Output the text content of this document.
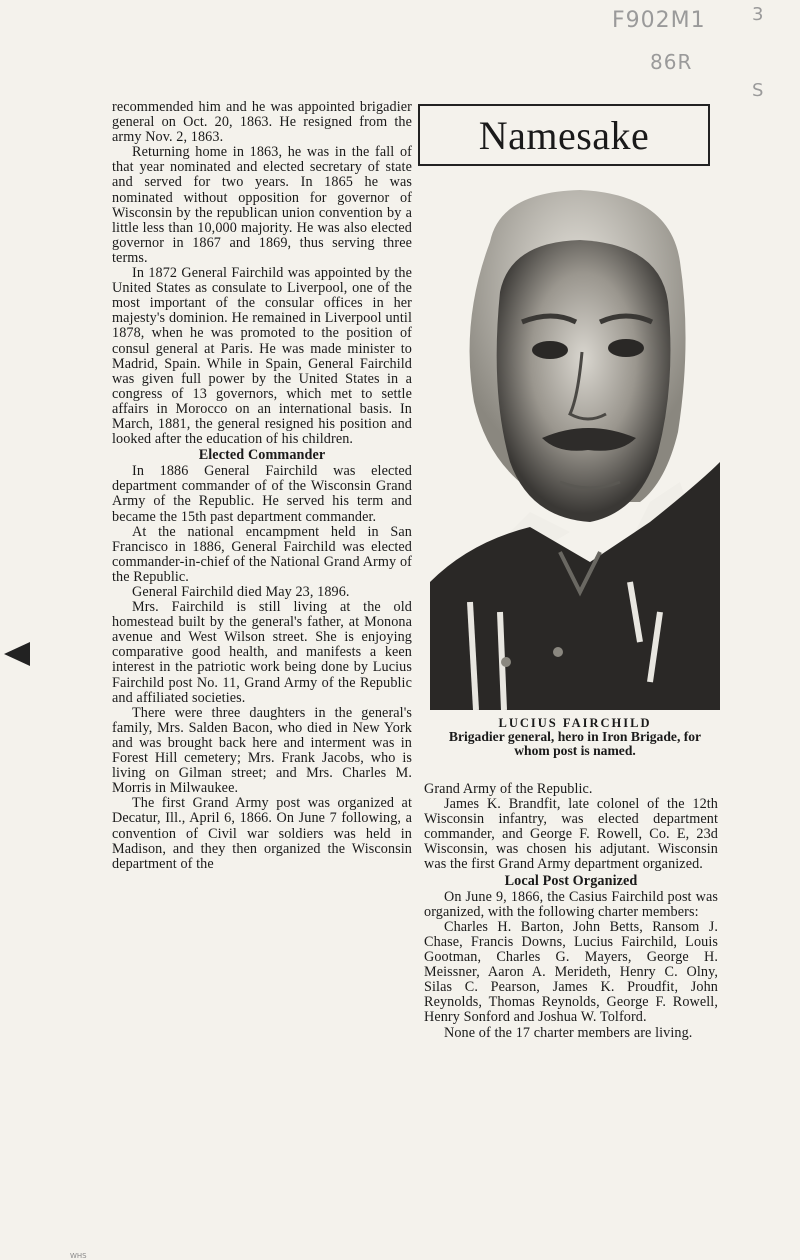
F902M1
86R
3
S

recommended him and he was appointed brigadier general on Oct. 20, 1863. He resigned from the army Nov. 2, 1863.

Returning home in 1863, he was in the fall of that year nominated and elected secretary of state and served for two years. In 1865 he was nominated without opposition for governor of Wisconsin by the republican union convention by a little less than 10,000 majority. He was also elected governor in 1867 and 1869, thus serving three terms.

In 1872 General Fairchild was appointed by the United States as consulate to Liverpool, one of the most important of the consular offices in her majesty's dominion. He remained in Liverpool until 1878, when he was promoted to the position of consul general at Paris. He was made minister to Madrid, Spain. While in Spain, General Fairchild was given full power by the United States in a congress of 13 governors, which met to settle affairs in Morocco on an international basis. In March, 1881, the general resigned his position and looked after the education of his children.

Elected Commander

In 1886 General Fairchild was elected department commander of of the Wisconsin Grand Army of the Republic. He served his term and became the 15th past department commander.

At the national encampment held in San Francisco in 1886, General Fairchild was elected commander-in-chief of the National Grand Army of the Republic.

General Fairchild died May 23, 1896.

Mrs. Fairchild is still living at the old homestead built by the general's father, at Monona avenue and West Wilson street. She is enjoying comparative good health, and manifests a keen interest in the patriotic work being done by Lucius Fairchild post No. 11, Grand Army of the Republic and affiliated societies.

There were three daughters in the general's family, Mrs. Salden Bacon, who died in New York and was brought back here and interment was in Forest Hill cemetery; Mrs. Frank Jacobs, who is living on Gilman street; and Mrs. Charles M. Morris in Milwaukee.

The first Grand Army post was organized at Decatur, Ill., April 6, 1866. On June 7 following, a convention of Civil war soldiers was held in Madison, and they then organized the Wisconsin department of the

Namesake
LUCIUS FAIRCHILD
Brigadier general, hero in Iron Brigade, for whom post is named.

Grand Army of the Republic.

James K. Brandfit, late colonel of the 12th Wisconsin infantry, was elected department commander, and George F. Rowell, Co. E, 23d Wisconsin, was chosen his adjutant. Wisconsin was the first Grand Army department organized.

Local Post Organized

On June 9, 1866, the Casius Fairchild post was organized, with the following charter members:

Charles H. Barton, John Betts, Ransom J. Chase, Francis Downs, Lucius Fairchild, Louis Gootman, Charles G. Mayers, George H. Meissner, Aaron A. Merideth, Henry C. Olny, Silas C. Pearson, James K. Proudfit, John Reynolds, Thomas Reynolds, George F. Rowell, Henry Sonford and Joshua W. Tolford.

None of the 17 charter members are living.

WHS
